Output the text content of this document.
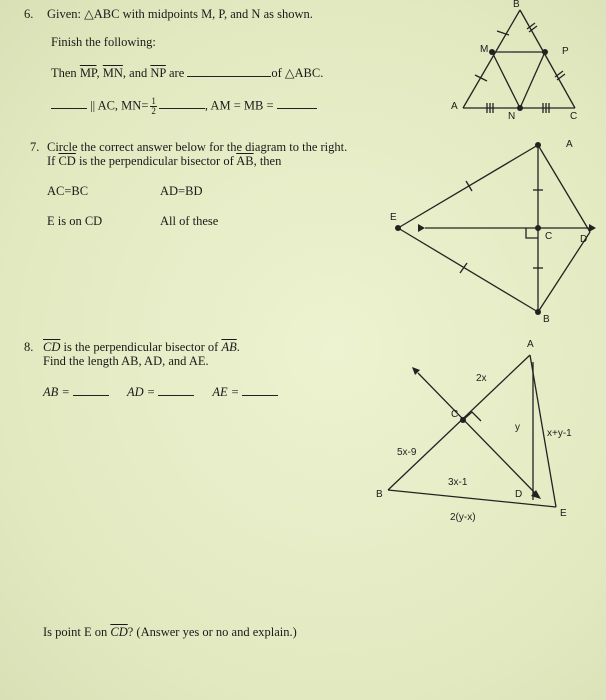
6. Given: △ABC with midpoints M, P, and N as shown.
Finish the following:
Then $\overline{MP}$, $\overline{MN}$, and $\overline{NP}$ are	of △ABC.
|| AC, $MN= \frac{1}{2}$	, AM = MB =
B
M	P
A
N	C
7. Circle the correct answer below for the diagram to the right.
If $\overline{CD}$ is the perpendicular bisector of $\overline{AB}$, then
AC=BC	AD=BD
E is on CD	All of these
A
E
C	D
B
8. $\overline{CD}$ is the perpendicular bisector of $\overline{AB}$.
Find the length AB, AD, and AE.
AB =	AD =	AE =
2x
y
x+y-1
5x-9
3x-1
2(y-x)
A
C
B	D
E
Is point E on $\overline{CD}$? (Answer yes or no and explain.)
